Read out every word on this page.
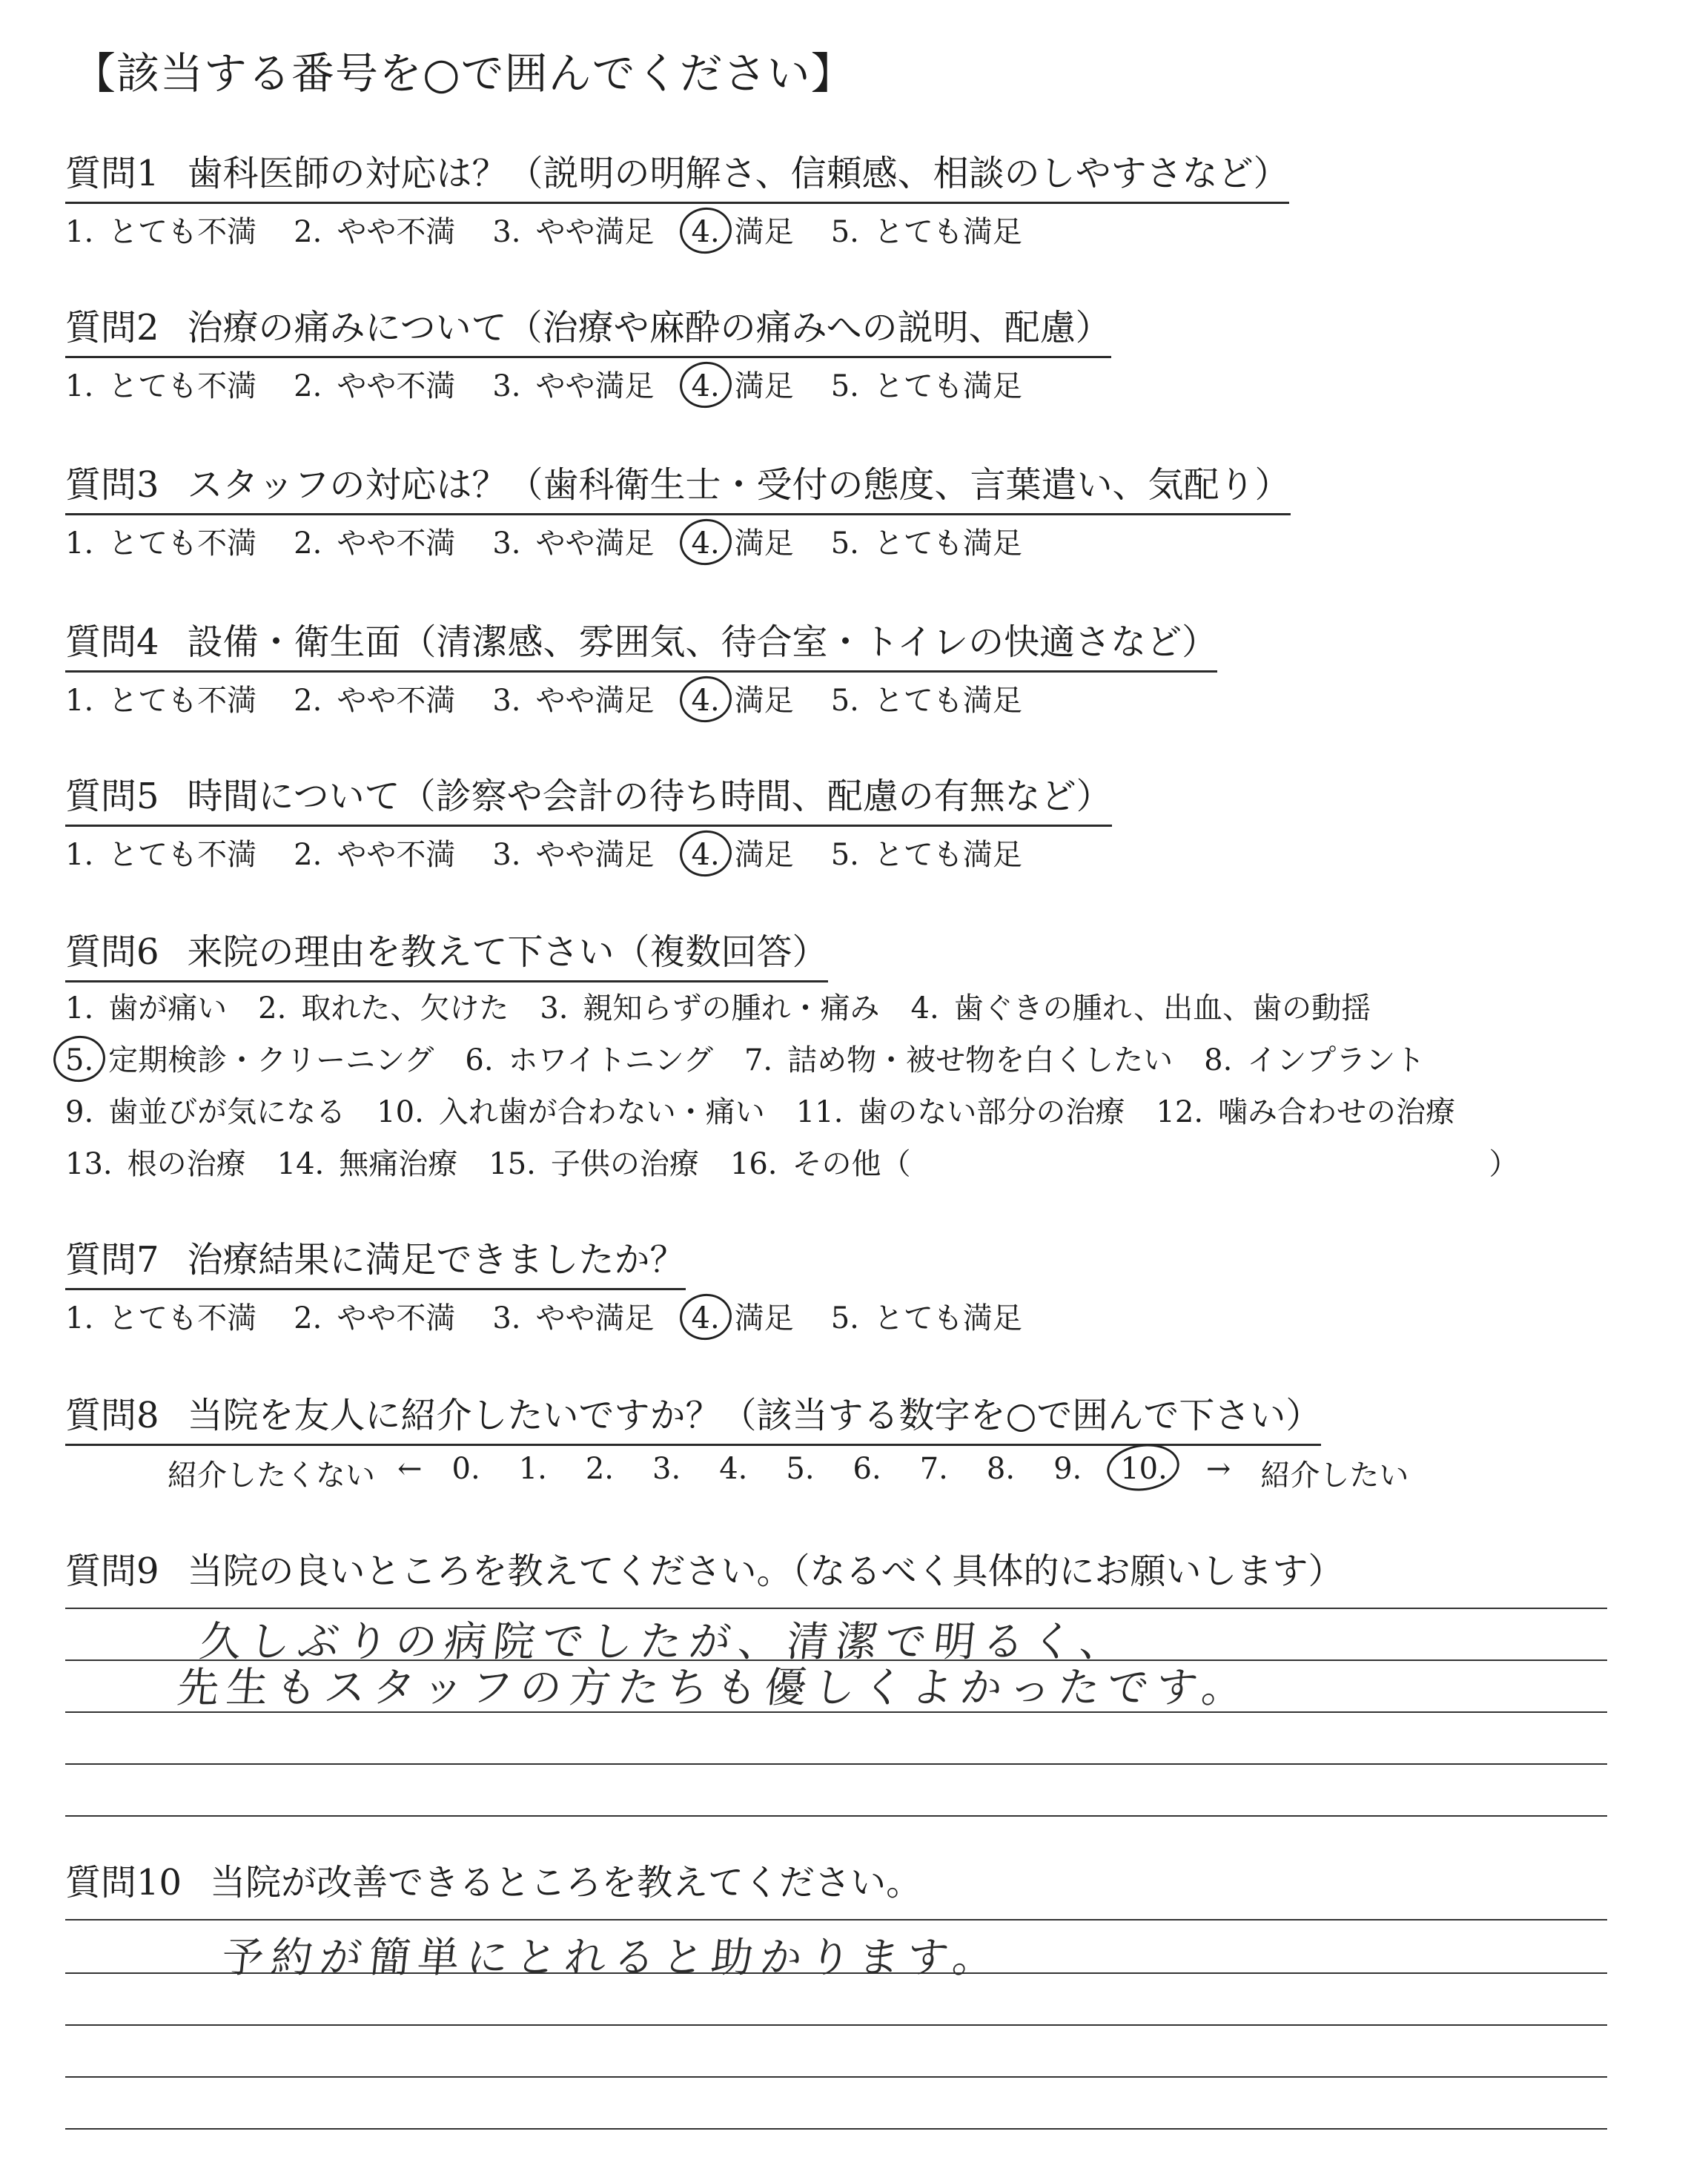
【該当する番号を○で囲んでください】
質問1 歯科医師の対応は？（説明の明解さ、信頼感、相談のしやすさなど）
1. とても不満 2. やや不満 3. やや満足 4. 満足 5. とても満足
質問2 治療の痛みについて（治療や麻酔の痛みへの説明、配慮）
1. とても不満 2. やや不満 3. やや満足 4. 満足 5. とても満足
質問3 スタッフの対応は？（歯科衛生士・受付の態度、言葉遣い、気配り）
1. とても不満 2. やや不満 3. やや満足 4. 満足 5. とても満足
質問4 設備・衛生面（清潔感、雰囲気、待合室・トイレの快適さなど）
1. とても不満 2. やや不満 3. やや満足 4. 満足 5. とても満足
質問5 時間について（診察や会計の待ち時間、配慮の有無など）
1. とても不満 2. やや不満 3. やや満足 4. 満足 5. とても満足
質問6 来院の理由を教えて下さい（複数回答）
1. 歯が痛い 2. 取れた、欠けた 3. 親知らずの腫れ・痛み 4. 歯ぐきの腫れ、出血、歯の動揺
5. 定期検診・クリーニング 6. ホワイトニング 7. 詰め物・被せ物を白くしたい 8. インプラント
9. 歯並びが気になる 10. 入れ歯が合わない・痛い 11. 歯のない部分の治療 12. 噛み合わせの治療
13. 根の治療 14. 無痛治療 15. 子供の治療 16. その他（	）
質問7 治療結果に満足できましたか？
1. とても不満 2. やや不満 3. やや満足 4. 満足 5. とても満足
質問8 当院を友人に紹介したいですか？（該当する数字を○で囲んで下さい）
紹介したくない ← 0. 1. 2. 3. 4. 5. 6. 7. 8. 9. 10. → 紹介したい
質問9 当院の良いところを教えてください。（なるべく具体的にお願いします）
久しぶりの病院でしたが、清潔で明るく、
先生もスタッフの方たちも優しくよかったです。
質問10 当院が改善できるところを教えてください。
予約が簡単にとれると助かります。
